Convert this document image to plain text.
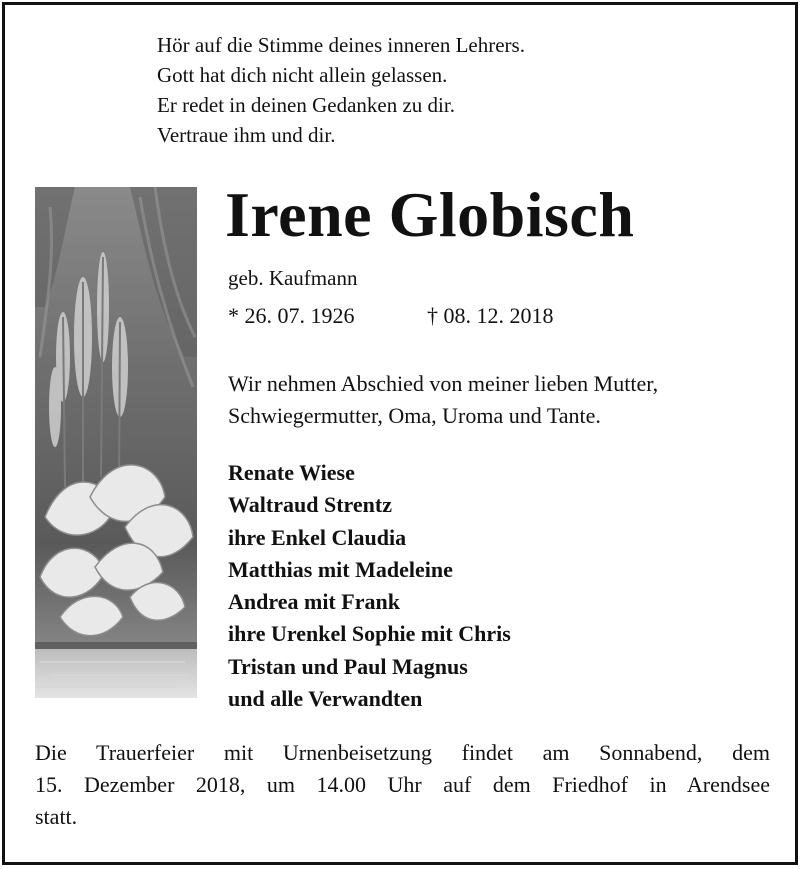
Hör auf die Stimme deines inneren Lehrers.
Gott hat dich nicht allein gelassen.
Er redet in deinen Gedanken zu dir.
Vertraue ihm und dir.
Irene Globisch
geb. Kaufmann
* 26. 07. 1926	† 08. 12. 2018
Wir nehmen Abschied von meiner lieben Mutter,
Schwiegermutter, Oma, Uroma und Tante.
Renate Wiese
Waltraud Strentz
ihre Enkel Claudia
Matthias mit Madeleine
Andrea mit Frank
ihre Urenkel Sophie mit Chris
Tristan und Paul Magnus
und alle Verwandten
Die Trauerfeier mit Urnenbeisetzung findet am Sonnabend, dem
15. Dezember 2018, um 14.00 Uhr auf dem Friedhof in Arendsee
statt.
